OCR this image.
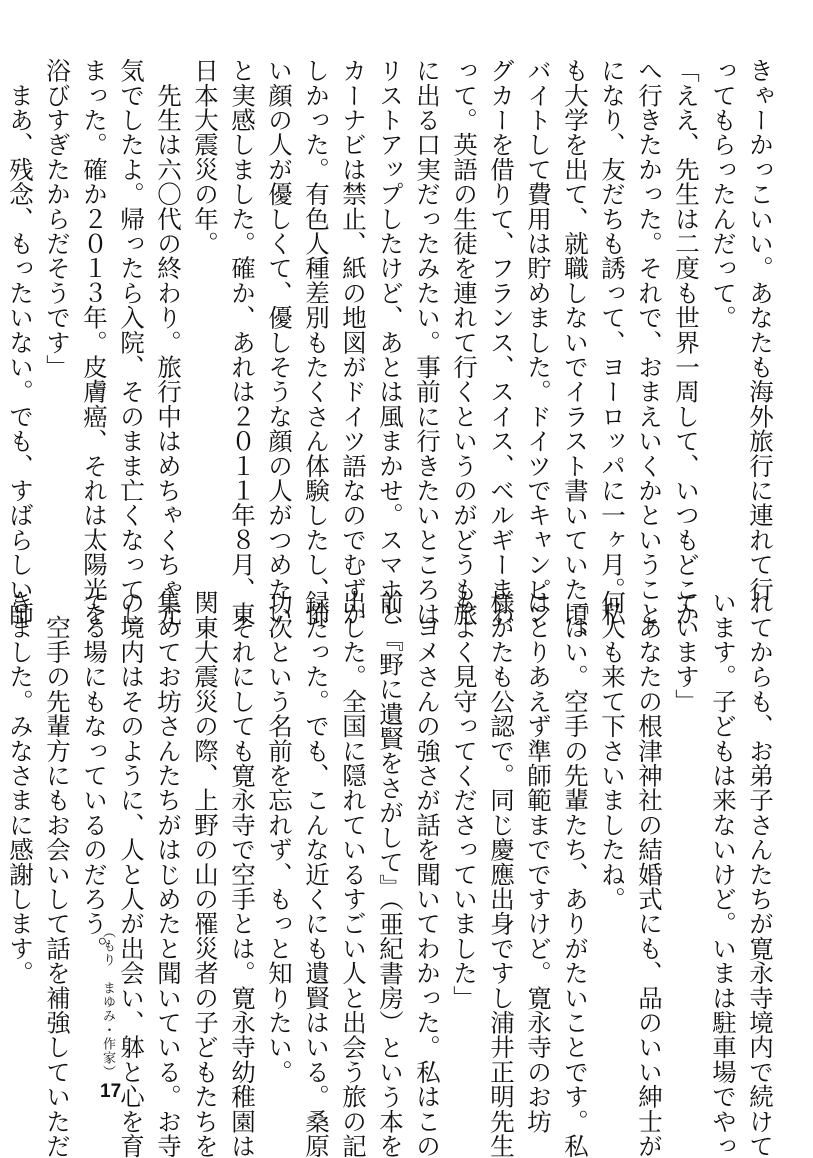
きゃーかっこいい。あなたも海外旅行に連れて行
ってもらったんだって。
「ええ、先生は二度も世界一周して、いつもどこか
へ行きたかった。それで、おまえいくかということ
になり、友だちも誘って、ヨーロッパに一ヶ月。私
も大学を出て、就職しないでイラスト書いていた頃、
バイトして費用は貯めました。ドイツでキャンピン
グカーを借りて、フランス、スイス、ベルギーまわ
って。英語の生徒を連れて行くというのがどうも旅
に出る口実だったみたい。事前に行きたいところは
リストアップしたけど、あとは風まかせ。スマホと
カーナビは禁止、紙の地図がドイツ語なのでむずか
しかった。有色人種差別もたくさん体験したし、怖
い顔の人が優しくて、優しそうな顔の人がつめたい
と実感しました。確か、あれは２０１１年８月、東
日本大震災の年。
　先生は六〇代の終わり。旅行中はめちゃくちゃ元
気でしたよ。帰ったら入院、そのまま亡くなってし
まった。確か２０１３年。皮膚癌、それは太陽光を
浴びすぎたからだそうです」
　まあ、残念、もったいない。でも、すばらしい師
れてからも、お弟子さんたちが寛永寺境内で続けて
います。子どもは来ないけど。いまは駐車場でやっ
ています」
　あなたの根津神社の結婚式にも、品のいい紳士が
何人も来て下さいましたね。
「はい。空手の先輩たち、ありがたいことです。私
はとりあえず準師範までですけど。寛永寺のお坊
様がたも公認で。同じ慶應出身ですし浦井正明先生
もよく見守ってくださっていました」
　ヨメさんの強さが話を聞いてわかった。私はこの
前、『野に遺賢をさがして』（亜紀書房）という本を
出した。全国に隠れているすごい人と出会う旅の記
録だった。でも、こんな近くにも遺賢はいる。桑原
功次という名前を忘れず、もっと知りたい。
　それにしても寛永寺で空手とは。寛永寺幼稚園は
関東大震災の際、上野の山の罹災者の子どもたちを
集めてお坊さんたちがはじめたと聞いている。お寺
の境内はそのように、人と人が出会い、躰と心を育
てる場にもなっているのだろう。
　空手の先輩方にもお会いして話を補強していただ
きました。みなさまに感謝します。
（もり　まゆみ・作家）
17
